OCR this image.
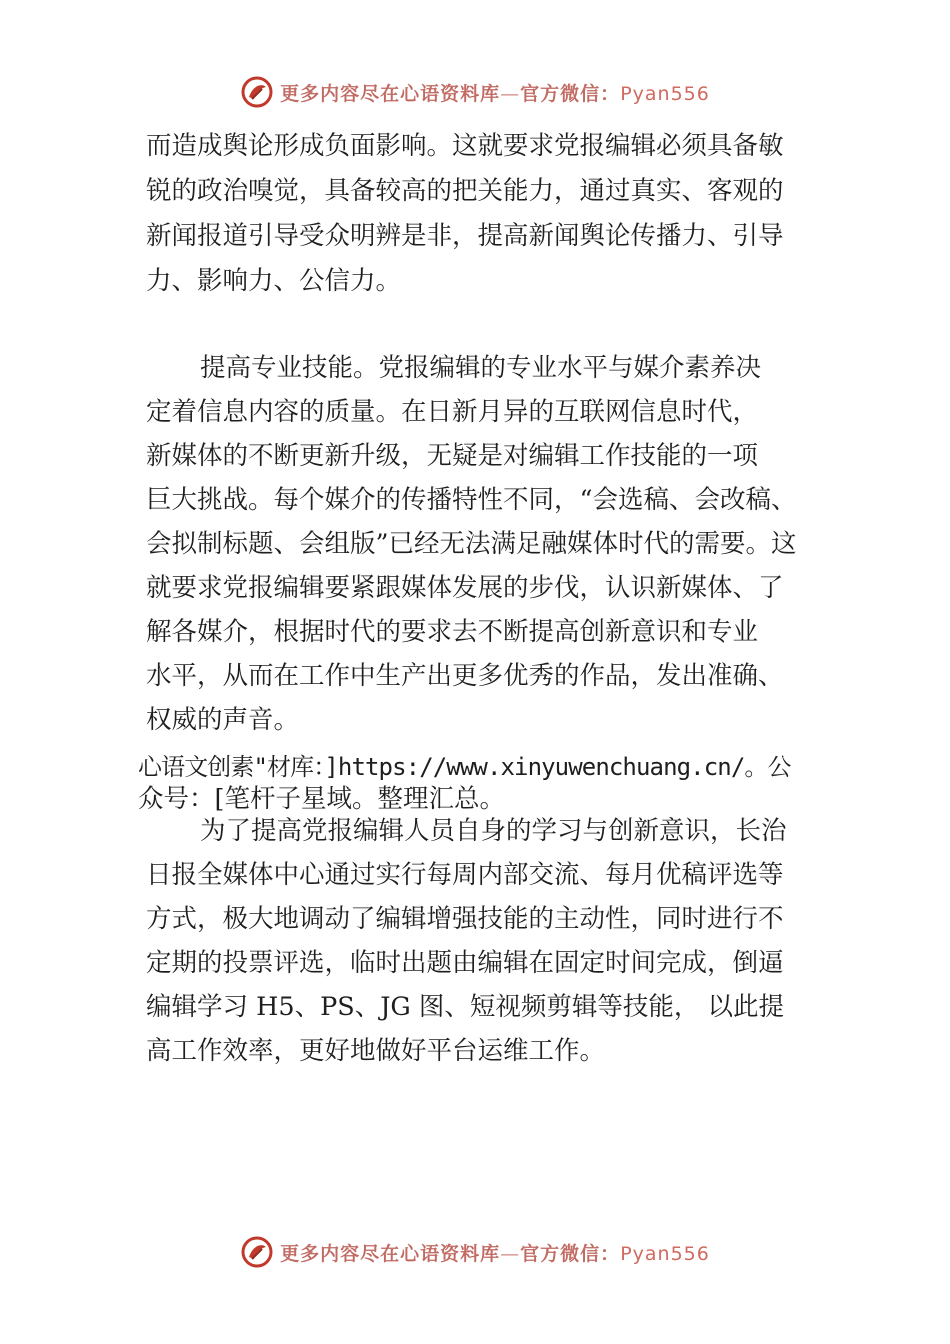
更多内容尽在心语资料库—官方微信：Pyan556
而造成舆论形成负面影响。这就要求党报编辑必须具备敏
锐的政治嗅觉，具备较高的把关能力，通过真实、客观的
新闻报道引导受众明辨是非，提高新闻舆论传播力、引导
力、影响力、公信力。
提高专业技能。党报编辑的专业水平与媒介素养决
定着信息内容的质量。在日新月异的互联网信息时代，
新媒体的不断更新升级，无疑是对编辑工作技能的一项
巨大挑战。每个媒介的传播特性不同，“会选稿、会改稿、
会拟制标题、会组版”已经无法满足融媒体时代的需要。这
就要求党报编辑要紧跟媒体发展的步伐，认识新媒体、了
解各媒介，根据时代的要求去不断提高创新意识和专业
水平，从而在工作中生产出更多优秀的作品，发出准确、
权威的声音。
心语文创素"材库：]https://www.xinyuwenchuang.cn/。公
众号：[笔杆子星域。整理汇总。
为了提高党报编辑人员自身的学习与创新意识，长治
日报全媒体中心通过实行每周内部交流、每月优稿评选等
方式，极大地调动了编辑增强技能的主动性，同时进行不
定期的投票评选，临时出题由编辑在固定时间完成，倒逼
编辑学习 H5、PS、JG 图、短视频剪辑等技能， 以此提
高工作效率，更好地做好平台运维工作。
更多内容尽在心语资料库—官方微信：Pyan556
